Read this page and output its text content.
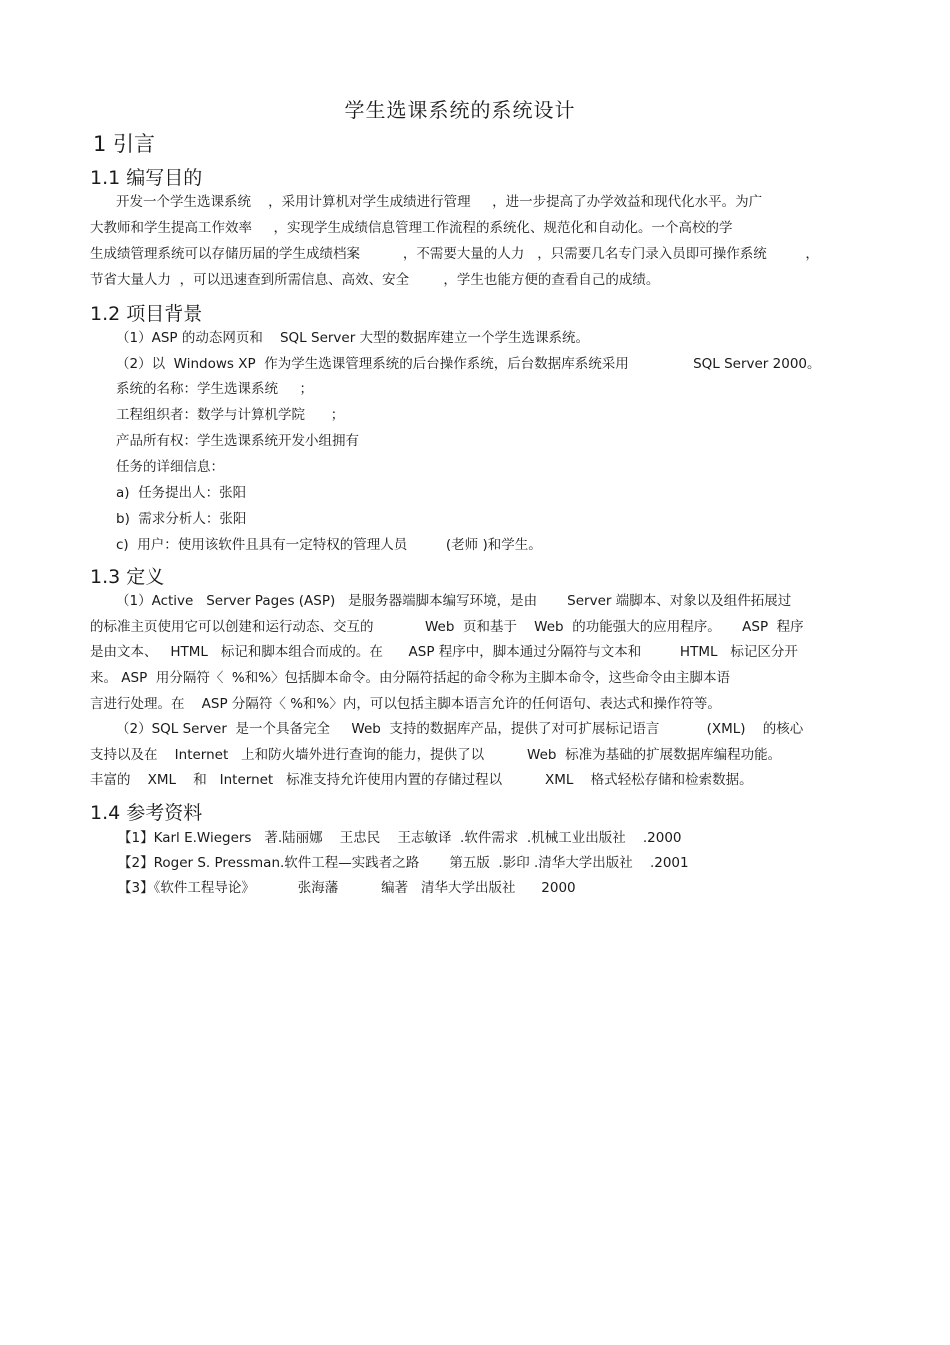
学生选课系统的系统设计
1 引言
1.1 编写目的
开发一个学生选课系统    ，采用计算机对学生成绩进行管理     ，进一步提高了办学效益和现代化水平。为广
大教师和学生提高工作效率     ，实现学生成绩信息管理工作流程的系统化、规范化和自动化。一个高校的学
生成绩管理系统可以存储历届的学生成绩档案          ，不需要大量的人力   ，只需要几名专门录入员即可操作系统         ，
节省大量人力  ，可以迅速查到所需信息、高效、安全        ，学生也能方便的查看自己的成绩。
1.2 项目背景
（1）ASP 的动态网页和    SQL Server 大型的数据库建立一个学生选课系统。
（2）以  Windows XP  作为学生选课管理系统的后台操作系统，后台数据库系统采用               SQL Server 2000。
系统的名称：学生选课系统     ；
工程组织者：数学与计算机学院      ；
产品所有权：学生选课系统开发小组拥有
任务的详细信息：
a)  任务提出人：张阳
b)  需求分析人：张阳
c)  用户：使用该软件且具有一定特权的管理人员         (老师 )和学生。
1.3 定义
（1）Active   Server Pages (ASP)   是服务器端脚本编写环境，是由       Server 端脚本、对象以及组件拓展过
的标准主页使用它可以创建和运行动态、交互的            Web  页和基于    Web  的功能强大的应用程序。     ASP  程序
是由文本、   HTML   标记和脚本组合而成的。在      ASP 程序中，脚本通过分隔符与文本和         HTML   标记区分开
来。 ASP  用分隔符〈  %和%〉包括脚本命令。由分隔符括起的命令称为主脚本命令，这些命令由主脚本语
言进行处理。在    ASP 分隔符〈 %和%〉内，可以包括主脚本语言允许的任何语句、表达式和操作符等。
（2）SQL Server  是一个具备完全     Web  支持的数据库产品，提供了对可扩展标记语言           (XML)    的核心
支持以及在    Internet   上和防火墙外进行查询的能力，提供了以          Web  标准为基础的扩展数据库编程功能。
丰富的    XML    和   Internet   标准支持允许使用内置的存储过程以          XML    格式轻松存储和检索数据。
1.4 参考资料
【1】Karl E.Wiegers   著.陆丽娜    王忠民    王志敏译  .软件需求  .机械工业出版社    .2000
【2】Roger S. Pressman.软件工程—实践者之路       第五版  .影印 .清华大学出版社    .2001
【3】《软件工程导论》          张海藩          编著   清华大学出版社      2000
